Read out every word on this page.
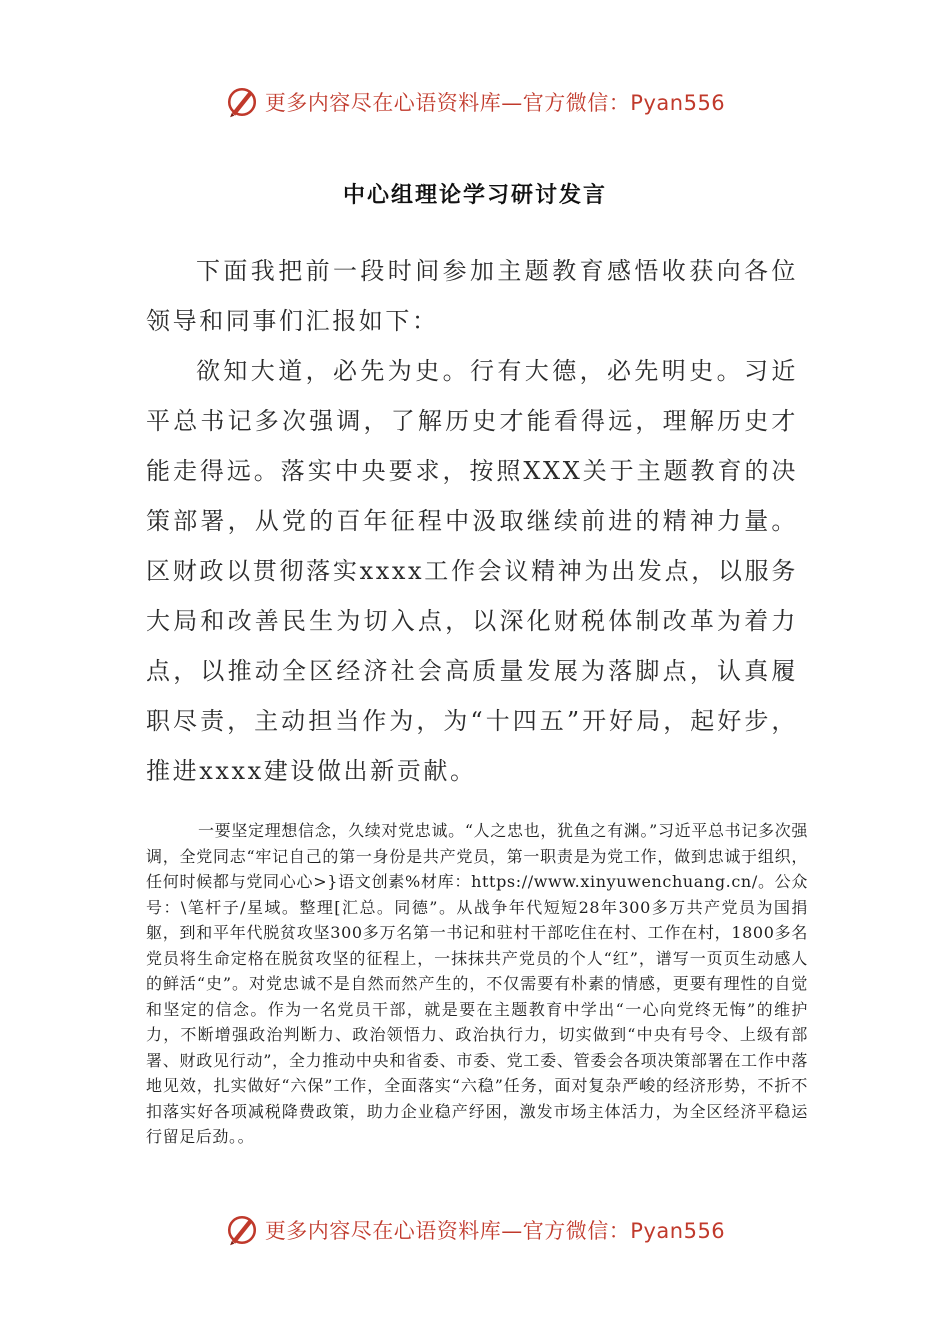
更多内容尽在心语资料库—官方微信：Pyan556
中心组理论学习研讨发言

下面我把前一段时间参加主题教育感悟收获向各位领导和同事们汇报如下：

欲知大道，必先为史。行有大德，必先明史。习近平总书记多次强调，了解历史才能看得远，理解历史才能走得远。落实中央要求，按照XXX关于主题教育的决策部署，从党的百年征程中汲取继续前进的精神力量。区财政以贯彻落实xxxx工作会议精神为出发点，以服务大局和改善民生为切入点，以深化财税体制改革为着力点，以推动全区经济社会高质量发展为落脚点，认真履职尽责，主动担当作为，为“十四五”开好局，起好步，推进xxxx建设做出新贡献。

一要坚定理想信念，久续对党忠诚。“人之忠也，犹鱼之有渊。”习近平总书记多次强调，全党同志“牢记自己的第一身份是共产党员，第一职责是为党工作，做到忠诚于组织，任何时候都与党同心心>}语文创素%材库：https://www.xinyuwenchuang.cn/。公众号：\笔杆子/星域。整理[汇总。同德”。从战争年代短短28年300多万共产党员为国捐躯，到和平年代脱贫攻坚300多万名第一书记和驻村干部吃住在村、工作在村，1800多名党员将生命定格在脱贫攻坚的征程上，一抹抹共产党员的个人“红”，谱写一页页生动感人的鲜活“史”。对党忠诚不是自然而然产生的，不仅需要有朴素的情感，更要有理性的自觉和坚定的信念。作为一名党员干部，就是要在主题教育中学出“一心向党终无悔”的维护力，不断增强政治判断力、政治领悟力、政治执行力，切实做到“中央有号令、上级有部署、财政见行动”，全力推动中央和省委、市委、党工委、管委会各项决策部署在工作中落地见效，扎实做好“六保”工作，全面落实“六稳”任务，面对复杂严峻的经济形势，不折不扣落实好各项减税降费政策，助力企业稳产纾困，激发市场主体活力，为全区经济平稳运行留足后劲。。

更多内容尽在心语资料库—官方微信：Pyan556
